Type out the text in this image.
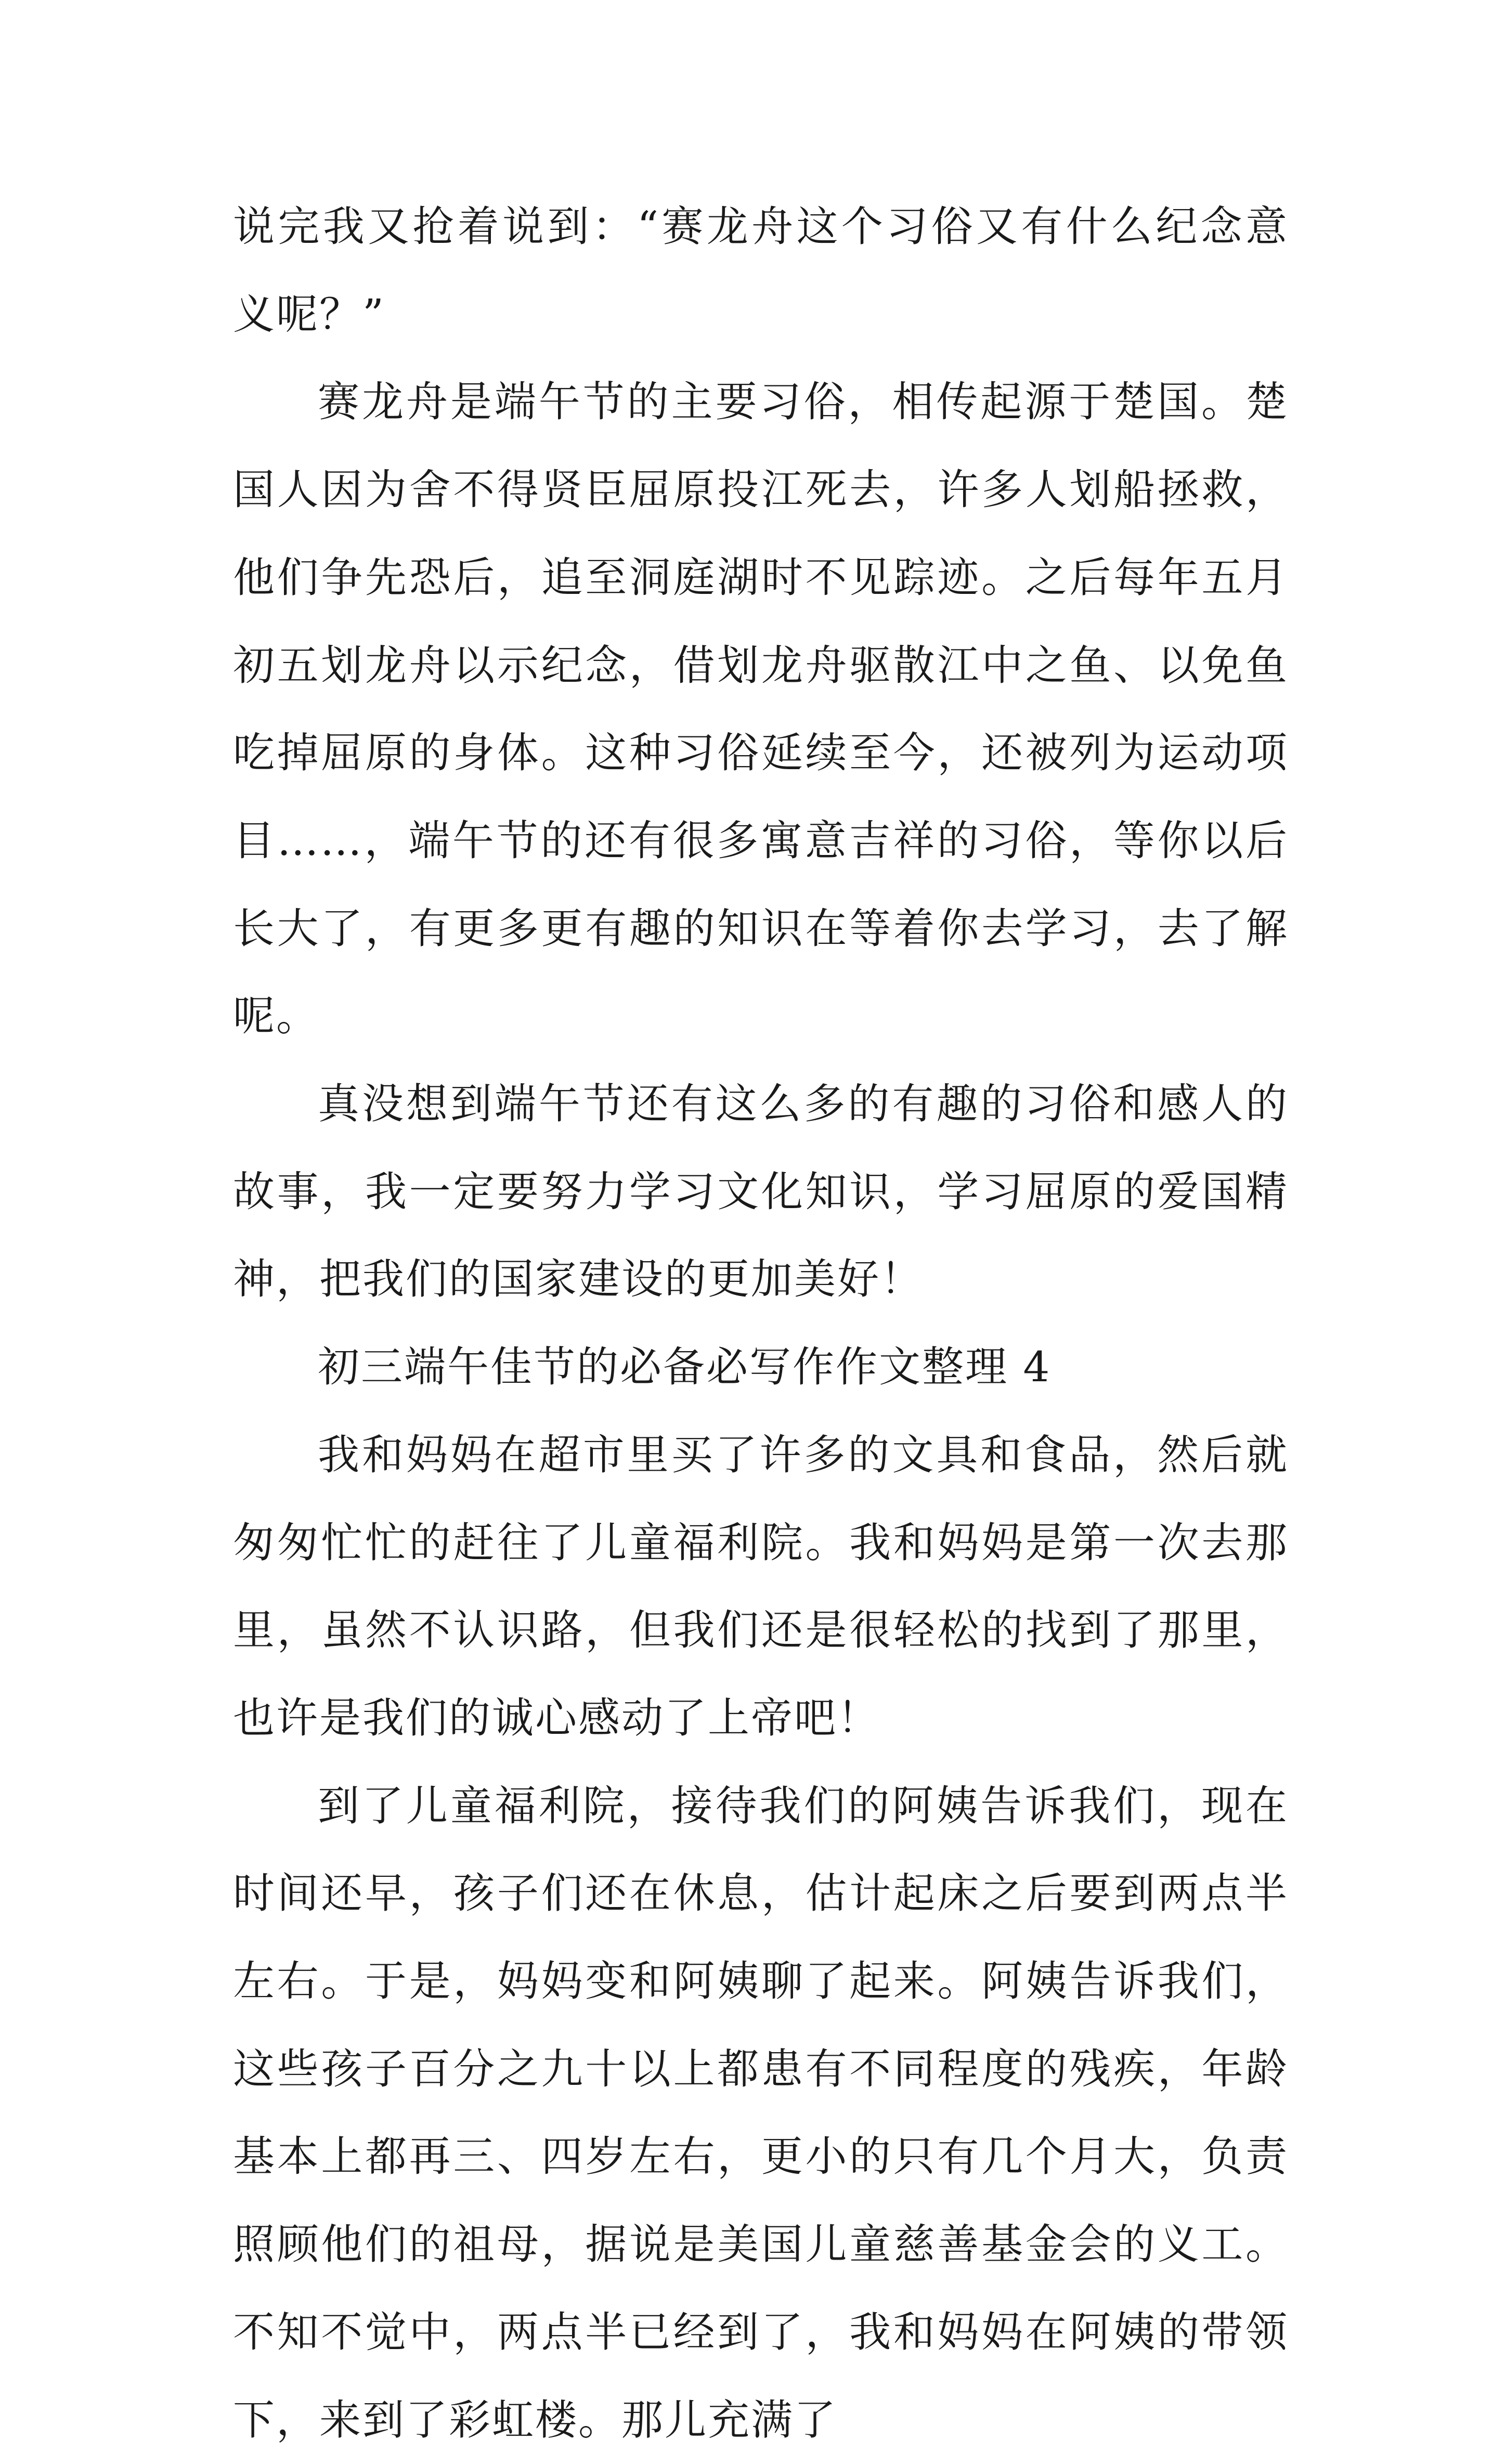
说完我又抢着说到：“赛龙舟这个习俗又有什么纪念意义呢？”

赛龙舟是端午节的主要习俗，相传起源于楚国。楚国人因为舍不得贤臣屈原投江死去，许多人划船拯救，他们争先恐后，追至洞庭湖时不见踪迹。之后每年五月初五划龙舟以示纪念，借划龙舟驱散江中之鱼、以免鱼吃掉屈原的身体。这种习俗延续至今，还被列为运动项目……，端午节的还有很多寓意吉祥的习俗，等你以后长大了，有更多更有趣的知识在等着你去学习，去了解呢。

真没想到端午节还有这么多的有趣的习俗和感人的故事，我一定要努力学习文化知识，学习屈原的爱国精神，把我们的国家建设的更加美好！

初三端午佳节的必备必写作作文整理 4

我和妈妈在超市里买了许多的文具和食品，然后就匆匆忙忙的赶往了儿童福利院。我和妈妈是第一次去那里，虽然不认识路，但我们还是很轻松的找到了那里，也许是我们的诚心感动了上帝吧！

到了儿童福利院，接待我们的阿姨告诉我们，现在时间还早，孩子们还在休息，估计起床之后要到两点半左右。于是，妈妈变和阿姨聊了起来。阿姨告诉我们，这些孩子百分之九十以上都患有不同程度的残疾，年龄基本上都再三、四岁左右，更小的只有几个月大，负责照顾他们的祖母，据说是美国儿童慈善基金会的义工。不知不觉中，两点半已经到了，我和妈妈在阿姨的带领下，来到了彩虹楼。那儿充满了
